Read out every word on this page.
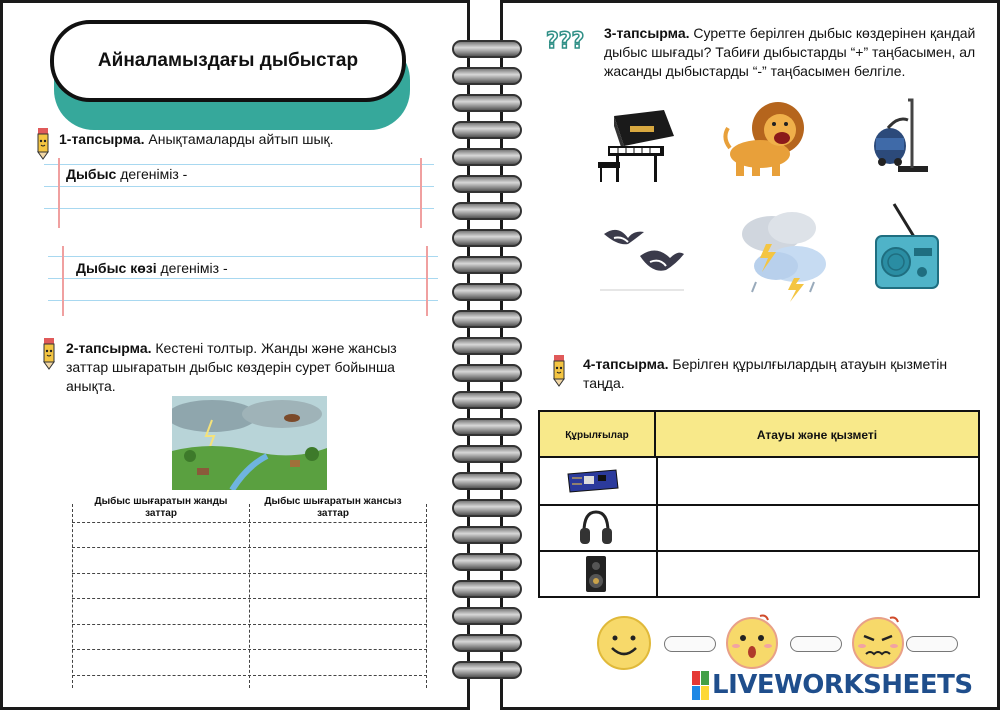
Айналамыздағы дыбыстар
1-тапсырма. Анықтамаларды айтып шық.
Дыбыс дегеніміз -
Дыбыс көзі дегеніміз -
2-тапсырма. Кестені толтыр. Жанды және жансыз заттар шығаратын дыбыс көздерін сурет бойынша анықта.
Дыбыс шығаратын жанды заттар
Дыбыс шығаратын жансыз заттар
??? 3-тапсырма. Суретте берілген дыбыс көздерінен қандай дыбыс шығады? Табиғи дыбыстарды “+” таңбасымен, ал жасанды дыбыстарды “-” таңбасымен белгіле.
4-тапсырма. Берілген құрылғылардың атауын қызметін таңда.
Құрылғылар	Атауы және қызметі
LIVEWORKSHEETS
